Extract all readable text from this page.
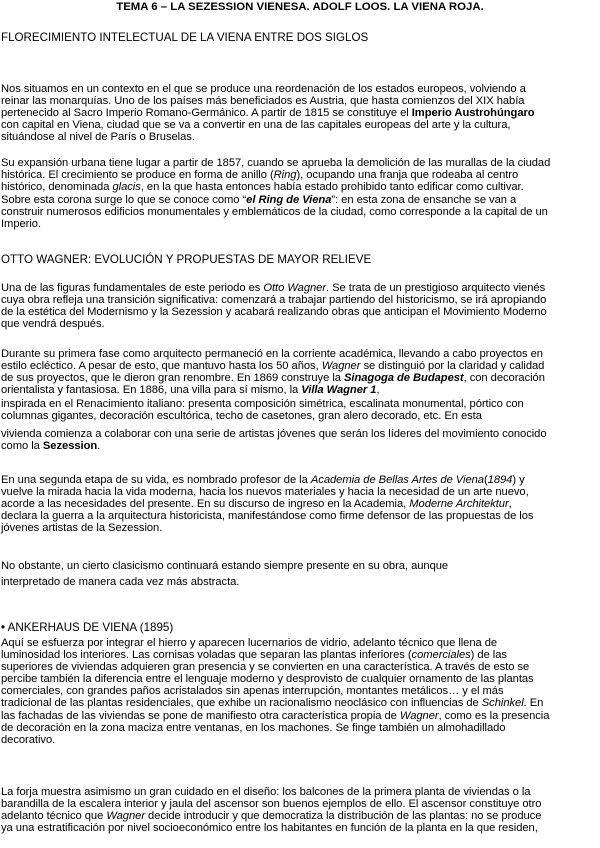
TEMA 6 – LA SEZESSION VIENESA. ADOLF LOOS. LA VIENA ROJA.
FLORECIMIENTO INTELECTUAL DE LA VIENA ENTRE DOS SIGLOS
Nos situamos en un contexto en el que se produce una reordenación de los estados europeos, volviendo a
reinar las monarquías. Uno de los países más beneficiados es Austria, que hasta comienzos del XIX había
pertenecido al Sacro Imperio Romano-Germánico. A partir de 1815 se constituye el Imperio Austrohúngaro
con capital en Viena, ciudad que se va a convertir en una de las capitales europeas del arte y la cultura,
situándose al nivel de París o Bruselas.
Su expansión urbana tiene lugar a partir de 1857, cuando se aprueba la demolición de las murallas de la ciudad
histórica. El crecimiento se produce en forma de anillo (Ring), ocupando una franja que rodeaba al centro
histórico, denominada glacis, en la que hasta entonces había estado prohibido tanto edificar como cultivar.
Sobre esta corona surge lo que se conoce como “el Ring de Viena”: en esta zona de ensanche se van a
construir numerosos edificios monumentales y emblemáticos de la ciudad, como corresponde a la capital de un
Imperio.
OTTO WAGNER: EVOLUCIÓN Y PROPUESTAS DE MAYOR RELIEVE
Una de las figuras fundamentales de este periodo es Otto Wagner. Se trata de un prestigioso arquitecto vienés
cuya obra refleja una transición significativa: comenzará a trabajar partiendo del historicismo, se irá apropiando
de la estética del Modernismo y la Sezession y acabará realizando obras que anticipan el Movimiento Moderno
que vendrá después.
Durante su primera fase como arquitecto permaneció en la corriente académica, llevando a cabo proyectos en
estilo ecléctico. A pesar de esto, que mantuvo hasta los 50 años, Wagner se distinguió por la claridad y calidad
de sus proyectos, que le dieron gran renombre. En 1869 construye la Sinagoga de Budapest, con decoración
orientalista y fantasiosa. En 1886, una villa para sí mismo, la Villa Wagner 1,
inspirada en el Renacimiento italiano: presenta composición simétrica, escalinata monumental, pórtico con
columnas gigantes, decoración escultórica, techo de casetones, gran alero decorado, etc. En esta
vivienda comienza a colaborar con una serie de artistas jóvenes que serán los líderes del movimiento conocido
como la Sezession.
En una segunda etapa de su vida, es nombrado profesor de la Academia de Bellas Artes de Viena(1894) y
vuelve la mirada hacia la vida moderna, hacia los nuevos materiales y hacia la necesidad de un arte nuevo,
acorde a las necesidades del presente. En su discurso de ingreso en la Academia, Moderne Architektur,
declara la guerra a la arquitectura historicista, manifestándose como firme defensor de las propuestas de los
jóvenes artistas de la Sezession.
No obstante, un cierto clasicismo continuará estando siempre presente en su obra, aunque
interpretado de manera cada vez más abstracta.
• ANKERHAUS DE VIENA (1895)
Aquí se esfuerza por integrar el hierro y aparecen lucernarios de vidrio, adelanto técnico que llena de
luminosidad los interiores. Las cornisas voladas que separan las plantas inferiores (comerciales) de las
superiores de viviendas adquieren gran presencia y se convierten en una característica. A través de esto se
percibe también la diferencia entre el lenguaje moderno y desprovisto de cualquier ornamento de las plantas
comerciales, con grandes paños acristalados sin apenas interrupción, montantes metálicos… y el más
tradicional de las plantas residenciales, que exhibe un racionalismo neoclásico con influencias de Schinkel. En
las fachadas de las viviendas se pone de manifiesto otra característica propia de Wagner, como es la presencia
de decoración en la zona maciza entre ventanas, en los machones. Se finge también un almohadillado
decorativo.
La forja muestra asimismo un gran cuidado en el diseño: los balcones de la primera planta de viviendas o la
barandilla de la escalera interior y jaula del ascensor son buenos ejemplos de ello. El ascensor constituye otro
adelanto técnico que Wagner decide introducir y que democratiza la distribución de las plantas: no se produce
ya una estratificación por nivel socioeconómico entre los habitantes en función de la planta en la que residen,
